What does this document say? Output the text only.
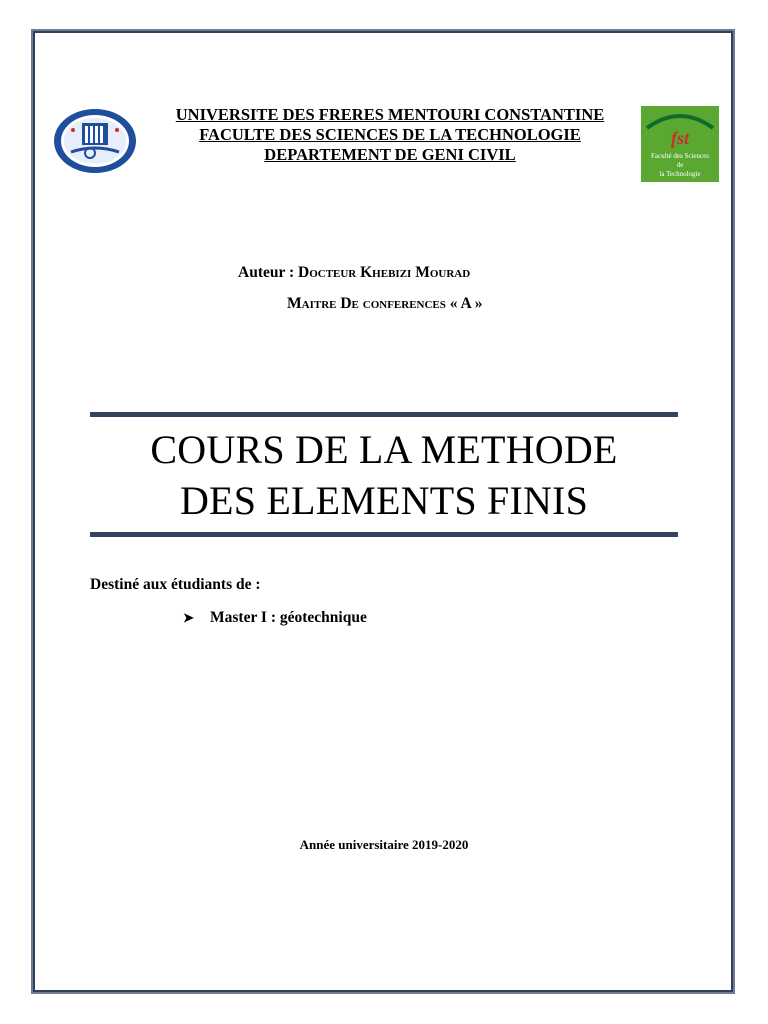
UNIVERSITE DES FRERES MENTOURI CONSTANTINE
FACULTE DES SCIENCES DE LA TECHNOLOGIE
DEPARTEMENT DE GENI CIVIL
fst
Faculté des Sciences
de
la Technologie
Auteur : Docteur Khebizi Mourad
Maitre De conferences « A »
COURS DE LA METHODE
DES ELEMENTS FINIS
Destiné aux étudiants de :
➤ Master I : géotechnique
Année universitaire 2019-2020
